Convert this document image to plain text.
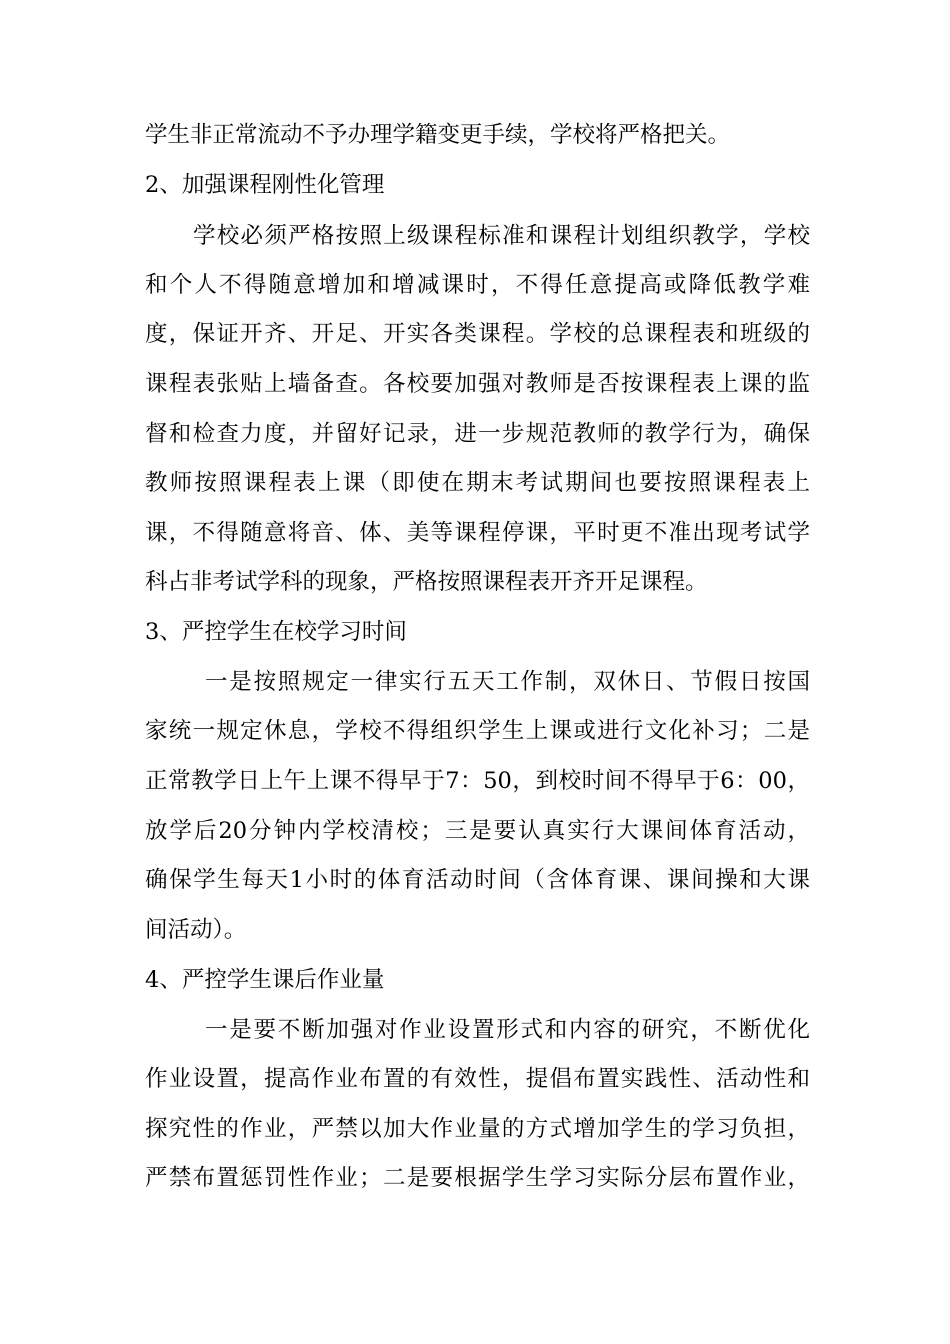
学生非正常流动不予办理学籍变更手续，学校将严格把关。
2、加强课程刚性化管理
学校必须严格按照上级课程标准和课程计划组织教学，学校
和个人不得随意增加和增减课时，不得任意提高或降低教学难
度，保证开齐、开足、开实各类课程。学校的总课程表和班级的
课程表张贴上墙备查。各校要加强对教师是否按课程表上课的监
督和检查力度，并留好记录，进一步规范教师的教学行为，确保
教师按照课程表上课（即使在期末考试期间也要按照课程表上
课，不得随意将音、体、美等课程停课，平时更不准出现考试学
科占非考试学科的现象，严格按照课程表开齐开足课程。
3、严控学生在校学习时间
一是按照规定一律实行五天工作制，双休日、节假日按国
家统一规定休息，学校不得组织学生上课或进行文化补习；二是
正常教学日上午上课不得早于7：50，到校时间不得早于6：00，
放学后20分钟内学校清校；三是要认真实行大课间体育活动，
确保学生每天1小时的体育活动时间（含体育课、课间操和大课
间活动）。
4、严控学生课后作业量
一是要不断加强对作业设置形式和内容的研究，不断优化
作业设置，提高作业布置的有效性，提倡布置实践性、活动性和
探究性的作业，严禁以加大作业量的方式增加学生的学习负担，
严禁布置惩罚性作业；二是要根据学生学习实际分层布置作业，
